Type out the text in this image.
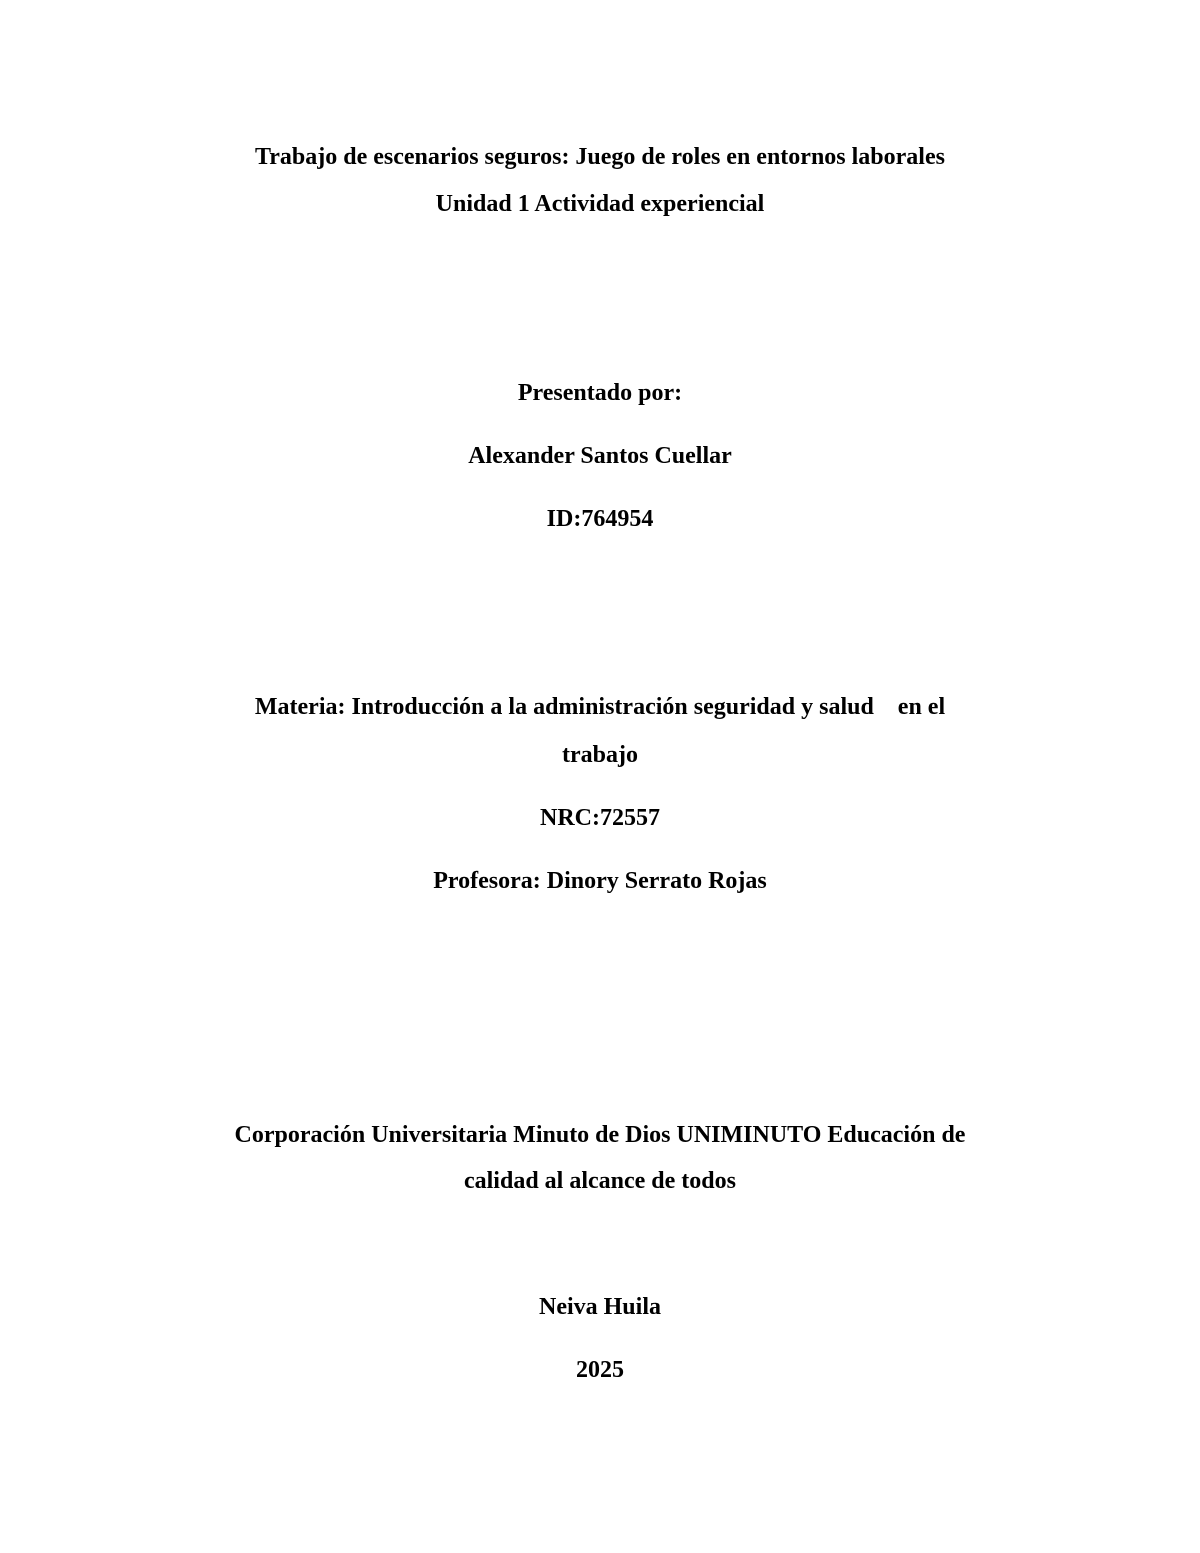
Trabajo de escenarios seguros: Juego de roles en entornos laborales

Unidad 1 Actividad experiencial

Presentado por:

Alexander Santos Cuellar

ID:764954

Materia: Introducción a la administración seguridad y salud    en el

trabajo

NRC:72557

Profesora: Dinory Serrato Rojas

Corporación Universitaria Minuto de Dios UNIMINUTO Educación de

calidad al alcance de todos

Neiva Huila

2025
